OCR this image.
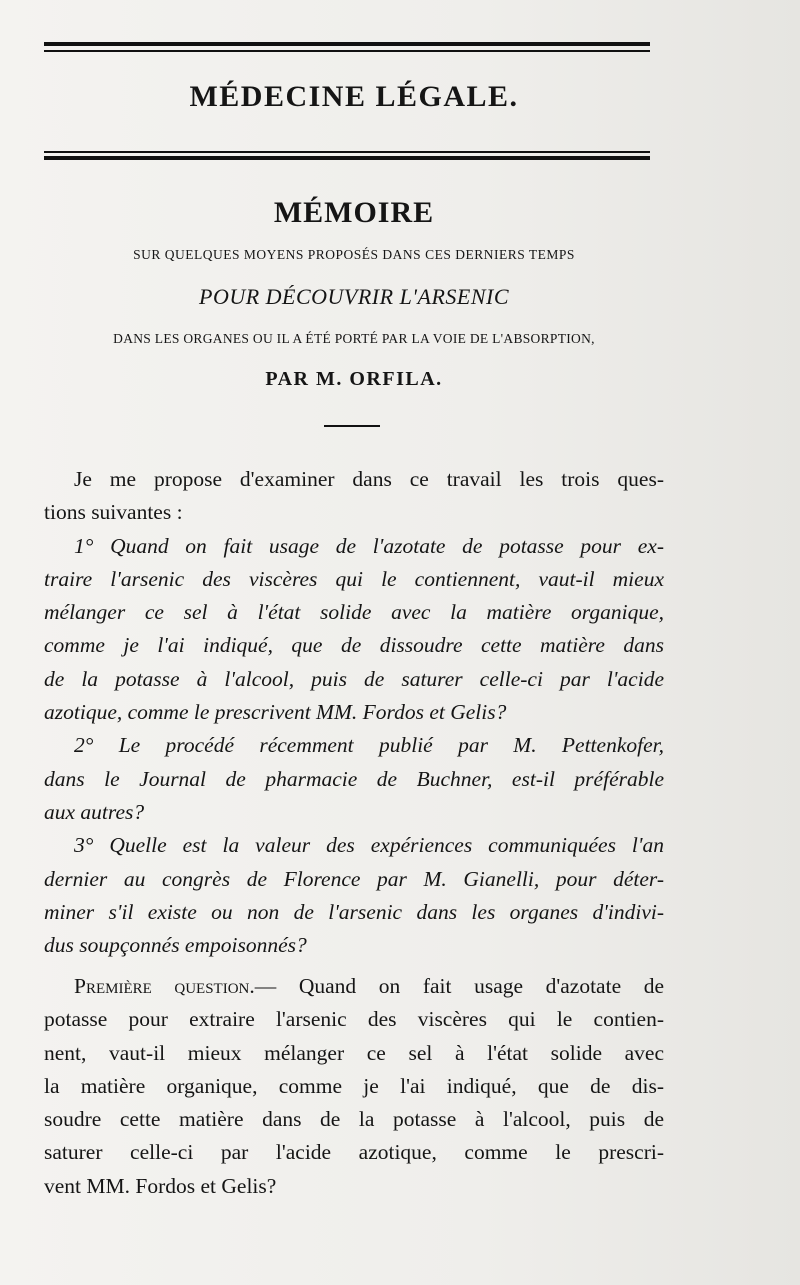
MÉDECINE LÉGALE.
MÉMOIRE
SUR QUELQUES MOYENS PROPOSÉS DANS CES DERNIERS TEMPS
POUR DÉCOUVRIR L'ARSENIC
DANS LES ORGANES OU IL A ÉTÉ PORTÉ PAR LA VOIE DE L'ABSORPTION,
PAR M. ORFILA.

Je me propose d'examiner dans ce travail les trois ques-

tions suivantes :

1° Quand on fait usage de l'azotate de potasse pour ex-

traire l'arsenic des viscères qui le contiennent, vaut-il mieux

mélanger ce sel à l'état solide avec la matière organique,

comme je l'ai indiqué, que de dissoudre cette matière dans

de la potasse à l'alcool, puis de saturer celle-ci par l'acide

azotique, comme le prescrivent MM. Fordos et Gelis?

2° Le procédé récemment publié par M. Pettenkofer,

dans le Journal de pharmacie de Buchner, est-il préférable

aux autres?

3° Quelle est la valeur des expériences communiquées l'an

dernier au congrès de Florence par M. Gianelli, pour déter-

miner s'il existe ou non de l'arsenic dans les organes d'indivi-

dus soupçonnés empoisonnés?

Première question.— Quand on fait usage d'azotate de

potasse pour extraire l'arsenic des viscères qui le contien-

nent, vaut-il mieux mélanger ce sel à l'état solide avec

la matière organique, comme je l'ai indiqué, que de dis-

soudre cette matière dans de la potasse à l'alcool, puis de

saturer celle-ci par l'acide azotique, comme le prescri-

vent MM. Fordos et Gelis?
